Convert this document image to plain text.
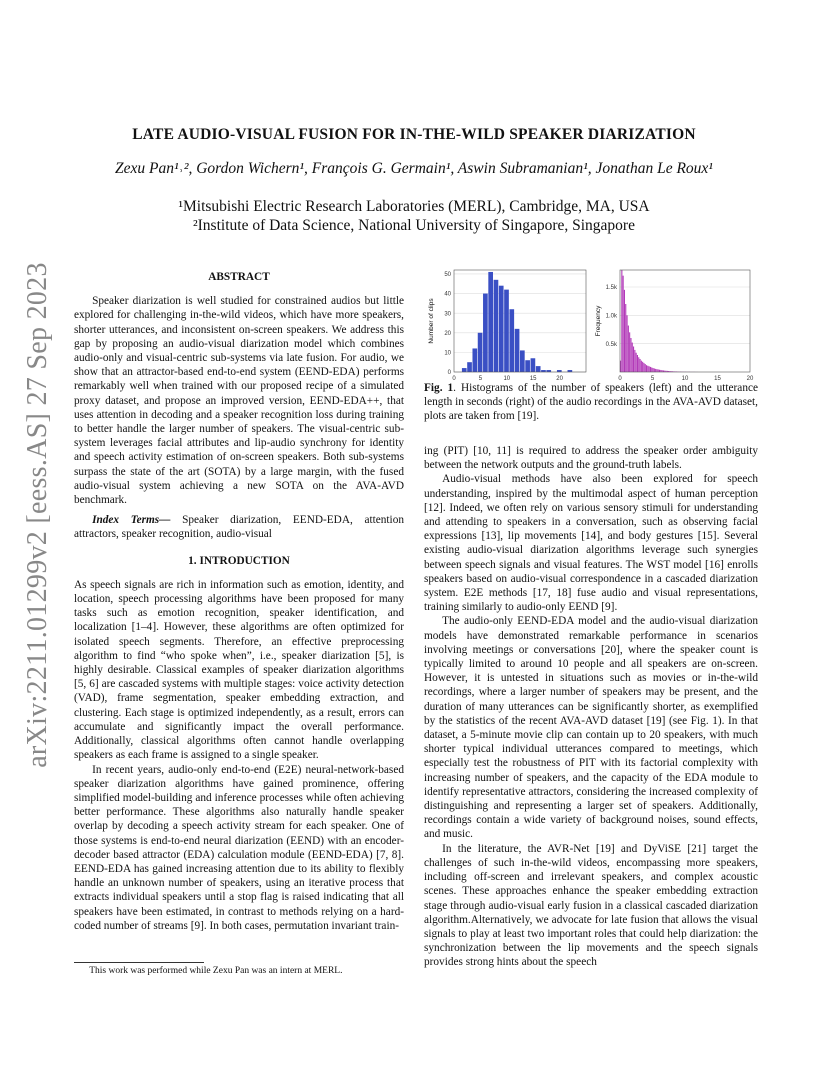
arXiv:2211.01299v2 [eess.AS] 27 Sep 2023
LATE AUDIO-VISUAL FUSION FOR IN-THE-WILD SPEAKER DIARIZATION
Zexu Pan¹˒², Gordon Wichern¹, François G. Germain¹, Aswin Subramanian¹, Jonathan Le Roux¹
¹Mitsubishi Electric Research Laboratories (MERL), Cambridge, MA, USA
²Institute of Data Science, National University of Singapore, Singapore
ABSTRACT

Speaker diarization is well studied for constrained audios but little explored for challenging in-the-wild videos, which have more speakers, shorter utterances, and inconsistent on-screen speakers. We address this gap by proposing an audio-visual diarization model which combines audio-only and visual-centric sub-systems via late fusion. For audio, we show that an attractor-based end-to-end system (EEND-EDA) performs remarkably well when trained with our proposed recipe of a simulated proxy dataset, and propose an improved version, EEND-EDA++, that uses attention in decoding and a speaker recognition loss during training to better handle the larger number of speakers. The visual-centric sub-system leverages facial attributes and lip-audio synchrony for identity and speech activity estimation of on-screen speakers. Both sub-systems surpass the state of the art (SOTA) by a large margin, with the fused audio-visual system achieving a new SOTA on the AVA-AVD benchmark.

Index Terms— Speaker diarization, EEND-EDA, attention attractors, speaker recognition, audio-visual

1. INTRODUCTION

As speech signals are rich in information such as emotion, identity, and location, speech processing algorithms have been proposed for many tasks such as emotion recognition, speaker identification, and localization [1–4]. However, these algorithms are often optimized for isolated speech segments. Therefore, an effective preprocessing algorithm to find “who spoke when”, i.e., speaker diarization [5], is highly desirable. Classical examples of speaker diarization algorithms [5, 6] are cascaded systems with multiple stages: voice activity detection (VAD), frame segmentation, speaker embedding extraction, and clustering. Each stage is optimized independently, as a result, errors can accumulate and significantly impact the overall performance. Additionally, classical algorithms often cannot handle overlapping speakers as each frame is assigned to a single speaker.

In recent years, audio-only end-to-end (E2E) neural-network-based speaker diarization algorithms have gained prominence, offering simplified model-building and inference processes while often achieving better performance. These algorithms also naturally handle speaker overlap by decoding a speech activity stream for each speaker. One of those systems is end-to-end neural diarization (EEND) with an encoder-decoder based attractor (EDA) calculation module (EEND-EDA) [7, 8]. EEND-EDA has gained increasing attention due to its ability to flexibly handle an unknown number of speakers, using an iterative process that extracts individual speakers until a stop flag is raised indicating that all speakers have been estimated, in contrast to methods relying on a hard-coded number of streams [9]. In both cases, permutation invariant train-

This work was performed while Zexu Pan was an intern at MERL.
0
10
20
30
40
50
0	5	10	15	20
Number of clips
0.5k
1.0k
1.5k
0	5	10	15	20
Frequency
Fig. 1. Histograms of the number of speakers (left) and the utterance length in seconds (right) of the audio recordings in the AVA-AVD dataset, plots are taken from [19].

ing (PIT) [10, 11] is required to address the speaker order ambiguity between the network outputs and the ground-truth labels.

Audio-visual methods have also been explored for speech understanding, inspired by the multimodal aspect of human perception [12]. Indeed, we often rely on various sensory stimuli for understanding and attending to speakers in a conversation, such as observing facial expressions [13], lip movements [14], and body gestures [15]. Several existing audio-visual diarization algorithms leverage such synergies between speech signals and visual features. The WST model [16] enrolls speakers based on audio-visual correspondence in a cascaded diarization system. E2E methods [17, 18] fuse audio and visual representations, training similarly to audio-only EEND [9].

The audio-only EEND-EDA model and the audio-visual diarization models have demonstrated remarkable performance in scenarios involving meetings or conversations [20], where the speaker count is typically limited to around 10 people and all speakers are on-screen. However, it is untested in situations such as movies or in-the-wild recordings, where a larger number of speakers may be present, and the duration of many utterances can be significantly shorter, as exemplified by the statistics of the recent AVA-AVD dataset [19] (see Fig. 1). In that dataset, a 5-minute movie clip can contain up to 20 speakers, with much shorter typical individual utterances compared to meetings, which especially test the robustness of PIT with its factorial complexity with increasing number of speakers, and the capacity of the EDA module to identify representative attractors, considering the increased complexity of distinguishing and representing a larger set of speakers. Additionally, recordings contain a wide variety of background noises, sound effects, and music.

In the literature, the AVR-Net [19] and DyViSE [21] target the challenges of such in-the-wild videos, encompassing more speakers, including off-screen and irrelevant speakers, and complex acoustic scenes. These approaches enhance the speaker embedding extraction stage through audio-visual early fusion in a classical cascaded diarization algorithm.Alternatively, we advocate for late fusion that allows the visual signals to play at least two important roles that could help diarization: the synchronization between the lip movements and the speech signals provides strong hints about the speech
